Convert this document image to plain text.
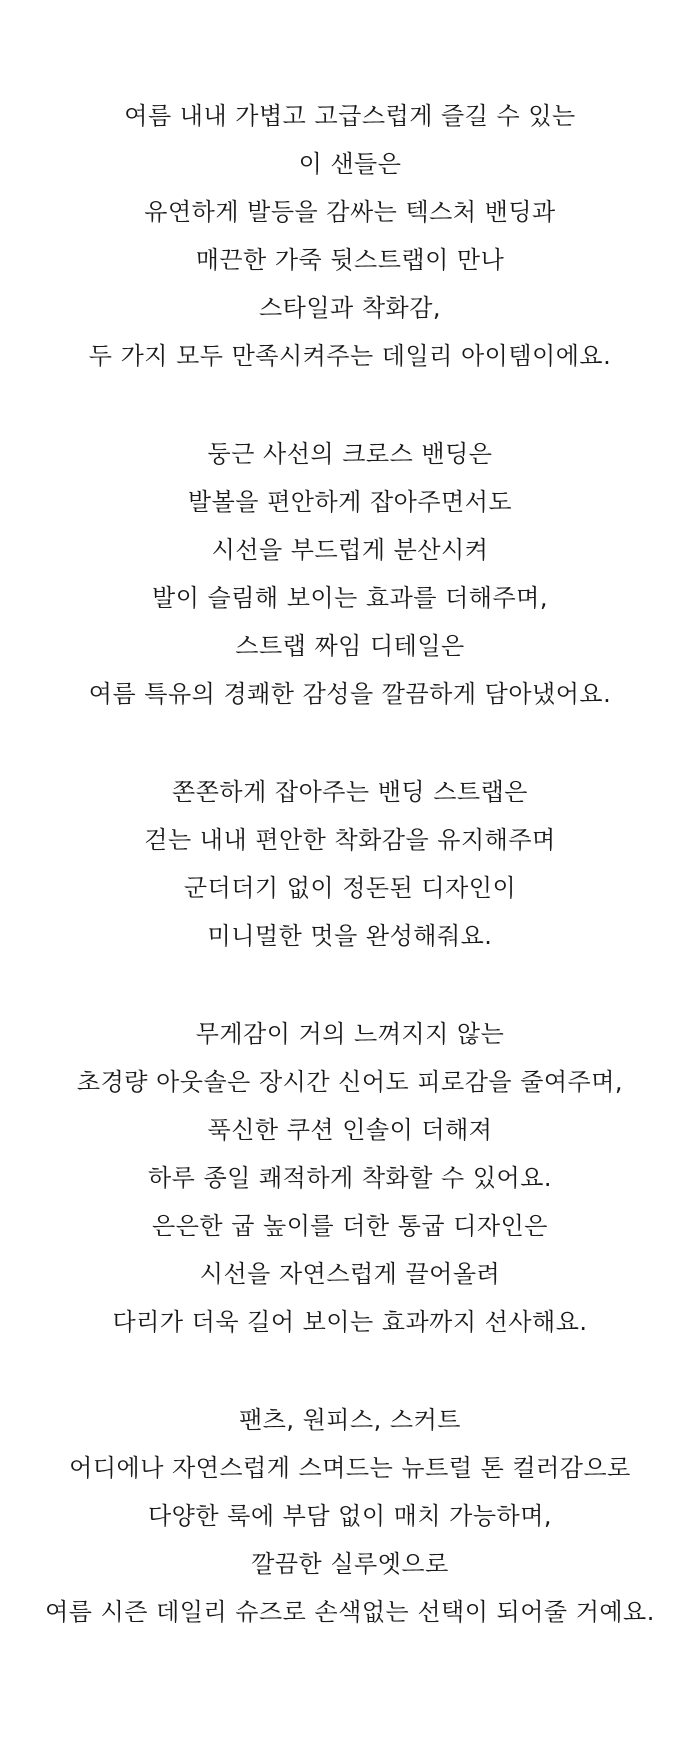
여름 내내 가볍고 고급스럽게 즐길 수 있는
이 샌들은
유연하게 발등을 감싸는 텍스처 밴딩과
매끈한 가죽 뒷스트랩이 만나
스타일과 착화감,
두 가지 모두 만족시켜주는 데일리 아이템이에요.
둥근 사선의 크로스 밴딩은
발볼을 편안하게 잡아주면서도
시선을 부드럽게 분산시켜
발이 슬림해 보이는 효과를 더해주며,
스트랩 짜임 디테일은
여름 특유의 경쾌한 감성을 깔끔하게 담아냈어요.
쫀쫀하게 잡아주는 밴딩 스트랩은
걷는 내내 편안한 착화감을 유지해주며
군더더기 없이 정돈된 디자인이
미니멀한 멋을 완성해줘요.
무게감이 거의 느껴지지 않는
초경량 아웃솔은 장시간 신어도 피로감을 줄여주며,
푹신한 쿠션 인솔이 더해져
하루 종일 쾌적하게 착화할 수 있어요.
은은한 굽 높이를 더한 통굽 디자인은
시선을 자연스럽게 끌어올려
다리가 더욱 길어 보이는 효과까지 선사해요.
팬츠, 원피스, 스커트
어디에나 자연스럽게 스며드는 뉴트럴 톤 컬러감으로
다양한 룩에 부담 없이 매치 가능하며,
깔끔한 실루엣으로
여름 시즌 데일리 슈즈로 손색없는 선택이 되어줄 거예요.
